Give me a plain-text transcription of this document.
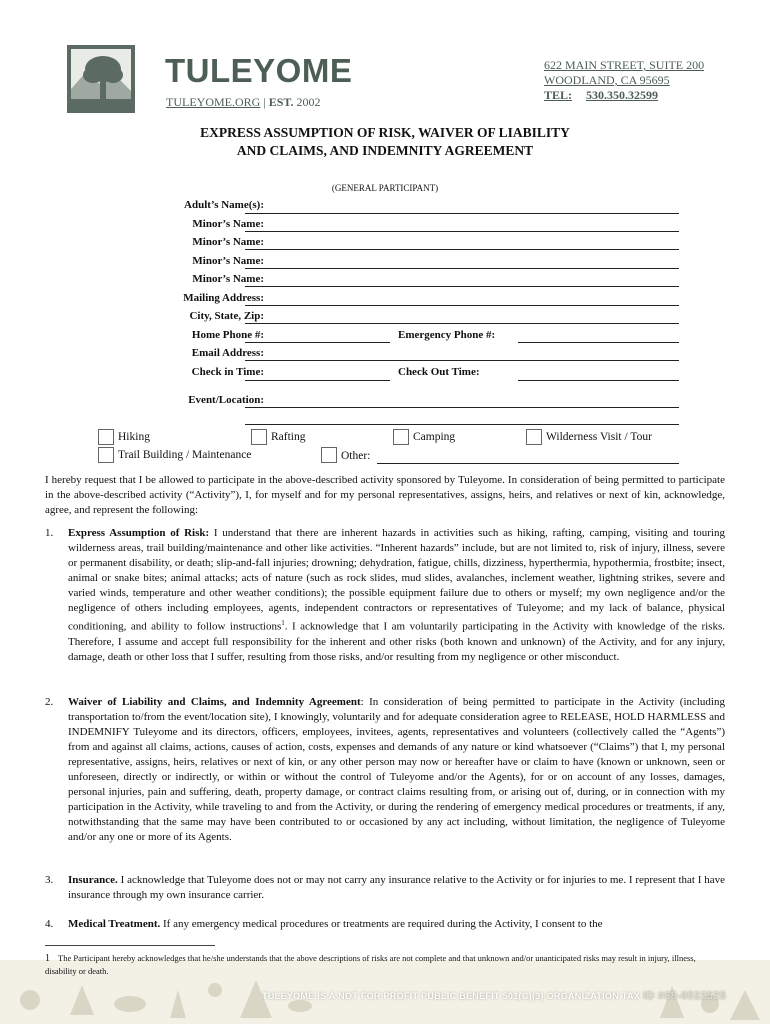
TULEYOME
TULEYOME.ORG | EST. 2002
622 MAIN STREET, SUITE 200
WOODLAND, CA 95695
TEL: 530.350.32599
EXPRESS ASSUMPTION OF RISK, WAIVER OF LIABILITY
AND CLAIMS, AND INDEMNITY AGREEMENT
(GENERAL PARTICIPANT)
Adult’s Name(s):
Minor’s Name:
Minor’s Name:
Minor’s Name:
Minor’s Name:
Mailing Address:
City, State, Zip:
Home Phone #:	Emergency Phone #:
Email Address:
Check in Time:	Check Out Time:
Event/Location:
Hiking	Rafting	Camping	Wilderness Visit / Tour
Trail Building / Maintenance	Other:
I hereby request that I be allowed to participate in the above-described activity sponsored by Tuleyome. In consideration of being permitted to participate in the above-described activity (“Activity”), I, for myself and for my personal representatives, assigns, heirs, and relatives or next of kin, acknowledge, agree, and represent the following:
1. Express Assumption of Risk: I understand that there are inherent hazards in activities such as hiking, rafting, camping, visiting and touring wilderness areas, trail building/maintenance and other like activities. “Inherent hazards” include, but are not limited to, risk of injury, illness, severe or permanent disability, or death; slip-and-fall injuries; drowning; dehydration, fatigue, chills, dizziness, hyperthermia, hypothermia, frostbite; insect, animal or snake bites; animal attacks; acts of nature (such as rock slides, mud slides, avalanches, inclement weather, lightning strikes, severe and varied winds, temperature and other weather conditions); the possible equipment failure due to others or myself; my own negligence and/or the negligence of others including employees, agents, independent contractors or representatives of Tuleyome; and my lack of balance, physical conditioning, and ability to follow instructions$^1$. I acknowledge that I am voluntarily participating in the Activity with knowledge of the risks. Therefore, I assume and accept full responsibility for the inherent and other risks (both known and unknown) of the Activity, and for any injury, damage, death or other loss that I suffer, resulting from those risks, and/or resulting from my negligence or other misconduct.
2. Waiver of Liability and Claims, and Indemnity Agreement: In consideration of being permitted to participate in the Activity (including transportation to/from the event/location site), I knowingly, voluntarily and for adequate consideration agree to RELEASE, HOLD HARMLESS and INDEMNIFY Tuleyome and its directors, officers, employees, invitees, agents, representatives and volunteers (collectively called the “Agents”) from and against all claims, actions, causes of action, costs, expenses and demands of any nature or kind whatsoever (“Claims”) that I, my personal representative, assigns, heirs, relatives or next of kin, or any other person may now or hereafter have or claim to have (known or unknown, seen or unforeseen, directly or indirectly, or within or without the control of Tuleyome and/or the Agents), for or on account of any losses, damages, personal injuries, pain and suffering, death, property damage, or contract claims resulting from, or arising out of, during, or in connection with my participation in the Activity, while traveling to and from the Activity, or during the rendering of emergency medical procedures or treatments, if any, notwithstanding that the same may have been contributed to or occasioned by any act including, without limitation, the negligence of Tuleyome and/or any one or more of its Agents.
3. Insurance. I acknowledge that Tuleyome does not or may not carry any insurance relative to the Activity or for injuries to me. I represent that I have insurance through my own insurance carrier.
4. Medical Treatment. If any emergency medical procedures or treatments are required during the Activity, I consent to the
TULEYOME IS A NOT FOR PROFIT PUBLIC BENEFIT 501(C)(3) ORGANIZATION TAX ID #68-0522525
1 The Participant hereby acknowledges that he/she understands that the above descriptions of risks are not complete and that unknown and/or unanticipated risks may result in injury, illness, disability or death.
